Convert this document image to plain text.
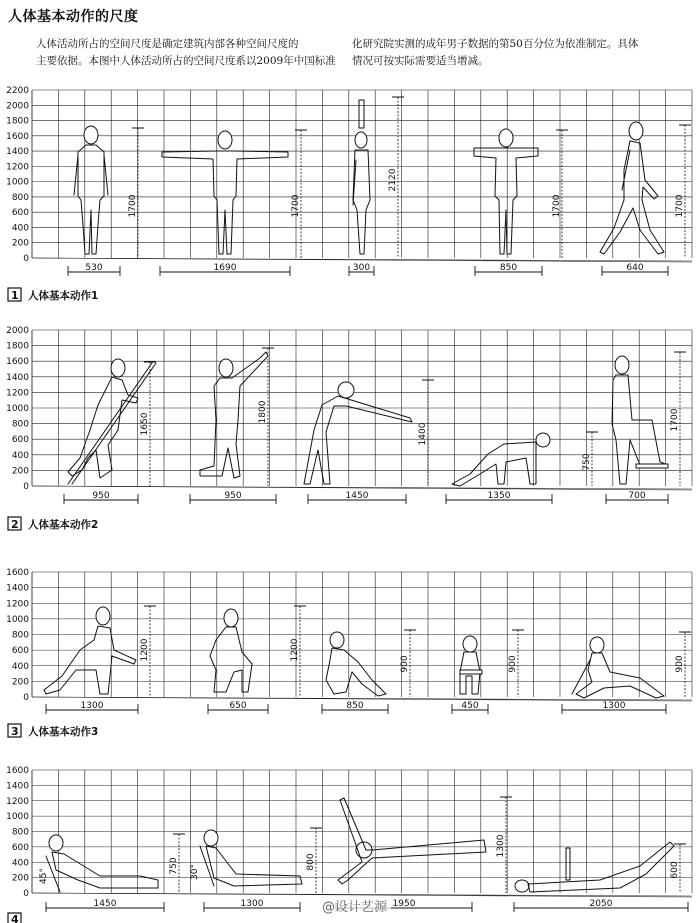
人体基本动作的尺度

人体活动所占的空间尺度是确定建筑内部各种空间尺度的

主要依据。本图中人体活动所占的空间尺度系以2009年中国标准

化研究院实测的成年男子数据的第50百分位为依准制定。具体

情况可按实际需要适当增减。

2200
2000
1800
1600
1400
1200
1000
800
600
400
200
0
1700	1700
2120
1700	1700
530	1690	300	850	640
2000
1800
1600
1400
1200
1000
800
600
400
200
0
1650
1800
1400
750
1700
950	950	1450	1350	700
1600
1400
1200
1000
800
600
400
200
0
1200	1200
900	900	900
1300	650	850	450	1300
1600
1400
1200
1000
800
600
400
200
0
750	800
1300
600
1450	1300	1950	2050
1 人体基本动作1
2 人体基本动作2
3 人体基本动作3
4
45°	30°
@设计艺源
